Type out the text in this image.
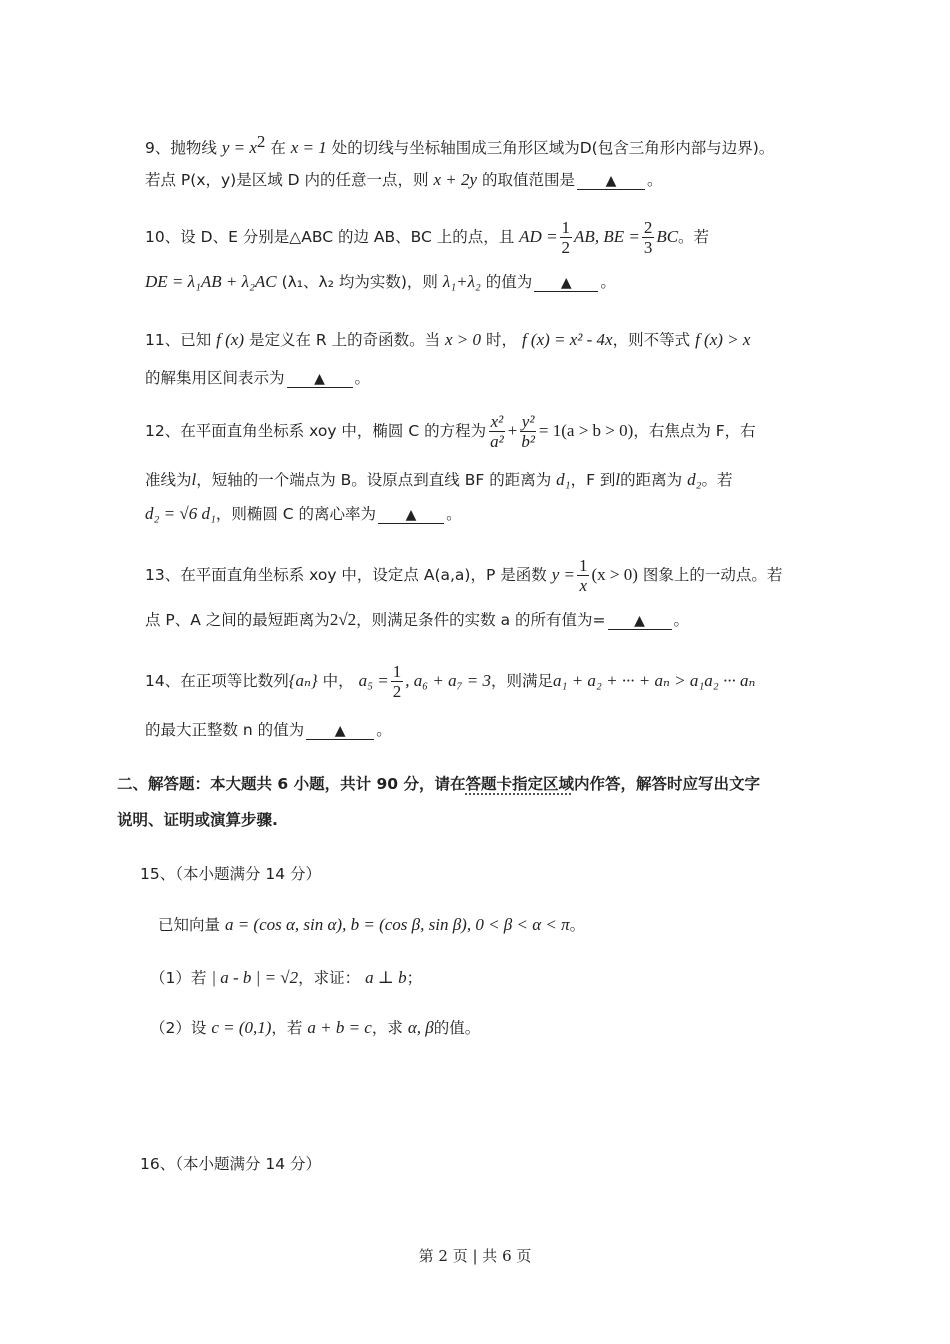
9、抛物线 $y = x^2$ 在 x = 1 处的切线与坐标轴围成三角形区域为D(包含三角形内部与边界)。
若点 P(x，y)是区域 D 内的任意一点，则 x + 2y 的取值范围是 ▲ 。
10、设 D、E 分别是△ABC 的边 AB、BC 上的点，且 AD = $\frac{1}{2}$ AB, BE = $\frac{2}{3}$ BC。若
DE = λ₁AB + λ₂AC (λ₁、λ₂ 均为实数)，则 λ₁+λ₂ 的值为 ▲ 。
11、已知 f (x) 是定义在 R 上的奇函数。当 x > 0 时， f (x) = x² - 4x，则不等式 f (x) > x
的解集用区间表示为 ▲ 。
12、在平面直角坐标系 xoy 中，椭圆 C 的方程为 $\frac{\text{x²}}{\text{a²}} + \frac{\text{y²}}{\text{b²}} = 1(a > b > 0)$，右焦点为 F，右
准线为l，短轴的一个端点为 B。设原点到直线 BF 的距离为 d₁，F 到l的距离为 d₂。若
d₂ = √6 d₁，则椭圆 C 的离心率为 ▲ 。
13、在平面直角坐标系 xoy 中，设定点 A(a,a)，P 是函数 $y = \frac{1}{x} (x > 0)$ 图象上的一动点。若
点 P、A 之间的最短距离为2√2，则满足条件的实数 a 的所有值为= ▲ 。
14、在正项等比数列{aₙ} 中， $a_5 = \frac{1}{2}$ , a₆ + a₇ = 3，则满足a₁ + a₂ + ··· + aₙ > a₁a₂ ··· aₙ
的最大正整数 n 的值为 ▲ 。
二、解答题：本大题共 6 小题，共计 90 分，请在答题卡指定区域内作答，解答时应写出文字
说明、证明或演算步骤.
15、（本小题满分 14 分）
已知向量 a = (cos α, sin α), b = (cos β, sin β), 0 < β < α < π。
（1）若 | a - b | = √2，求证： a ⊥ b；
（2）设 c = (0,1)，若 a + b = c，求 α, β的值。
16、（本小题满分 14 分）
第 2 页 | 共 6 页
